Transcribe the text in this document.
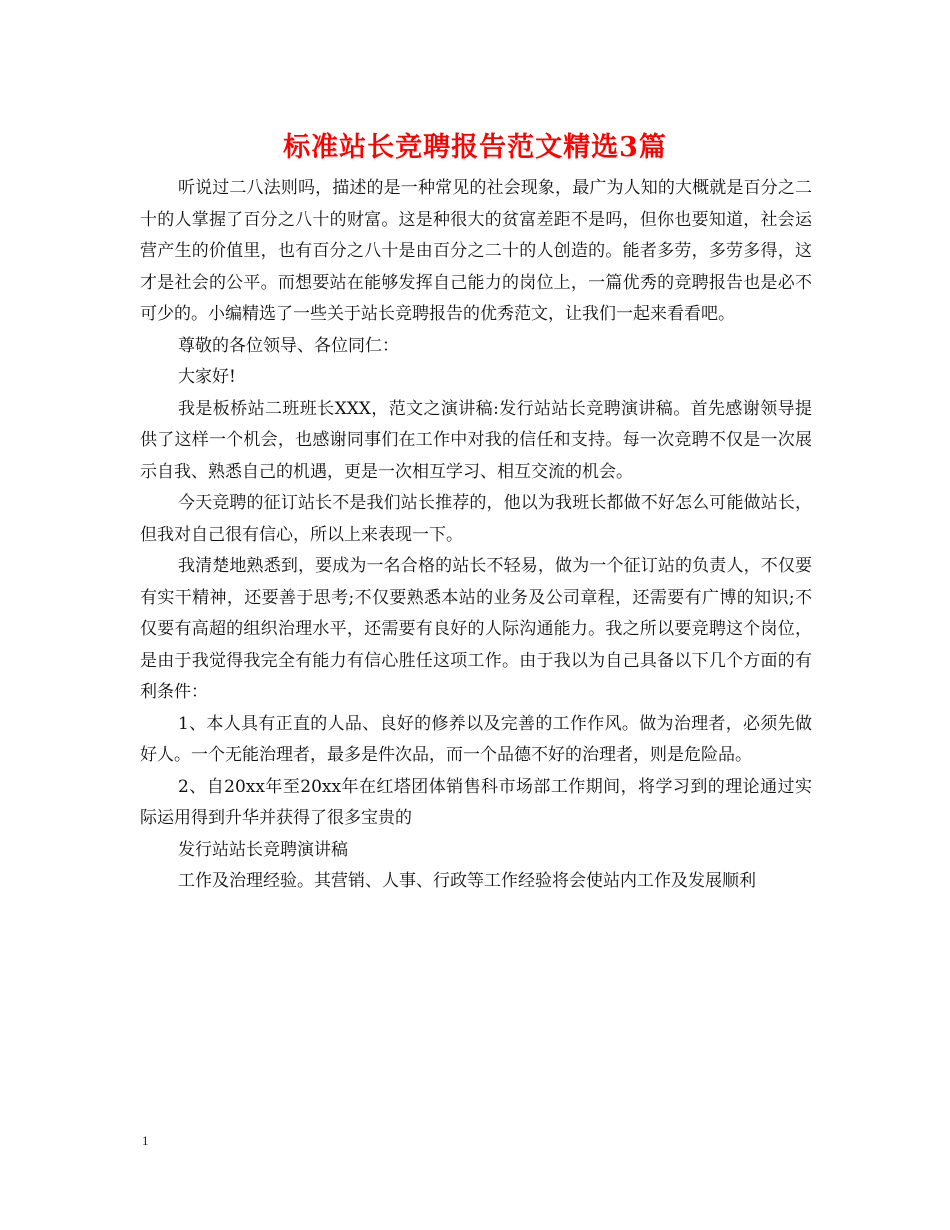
标准站长竞聘报告范文精选3篇

听说过二八法则吗，描述的是一种常见的社会现象，最广为人知的大概就是百分之二十的人掌握了百分之八十的财富。这是种很大的贫富差距不是吗，但你也要知道，社会运营产生的价值里，也有百分之八十是由百分之二十的人创造的。能者多劳，多劳多得，这才是社会的公平。而想要站在能够发挥自己能力的岗位上，一篇优秀的竞聘报告也是必不可少的。小编精选了一些关于站长竞聘报告的优秀范文，让我们一起来看看吧。

尊敬的各位领导、各位同仁：

大家好!

我是板桥站二班班长XXX，范文之演讲稿:发行站站长竞聘演讲稿。首先感谢领导提供了这样一个机会，也感谢同事们在工作中对我的信任和支持。每一次竞聘不仅是一次展示自我、熟悉自己的机遇，更是一次相互学习、相互交流的机会。

今天竞聘的征订站长不是我们站长推荐的，他以为我班长都做不好怎么可能做站长，但我对自己很有信心，所以上来表现一下。

我清楚地熟悉到，要成为一名合格的站长不轻易，做为一个征订站的负责人，不仅要有实干精神，还要善于思考;不仅要熟悉本站的业务及公司章程，还需要有广博的知识;不仅要有高超的组织治理水平，还需要有良好的人际沟通能力。我之所以要竞聘这个岗位，是由于我觉得我完全有能力有信心胜任这项工作。由于我以为自己具备以下几个方面的有利条件：

1、本人具有正直的人品、良好的修养以及完善的工作作风。做为治理者，必须先做好人。一个无能治理者，最多是件次品，而一个品德不好的治理者，则是危险品。

2、自20xx年至20xx年在红塔团体销售科市场部工作期间，将学习到的理论通过实际运用得到升华并获得了很多宝贵的

发行站站长竞聘演讲稿

工作及治理经验。其营销、人事、行政等工作经验将会使站内工作及发展顺利

1
